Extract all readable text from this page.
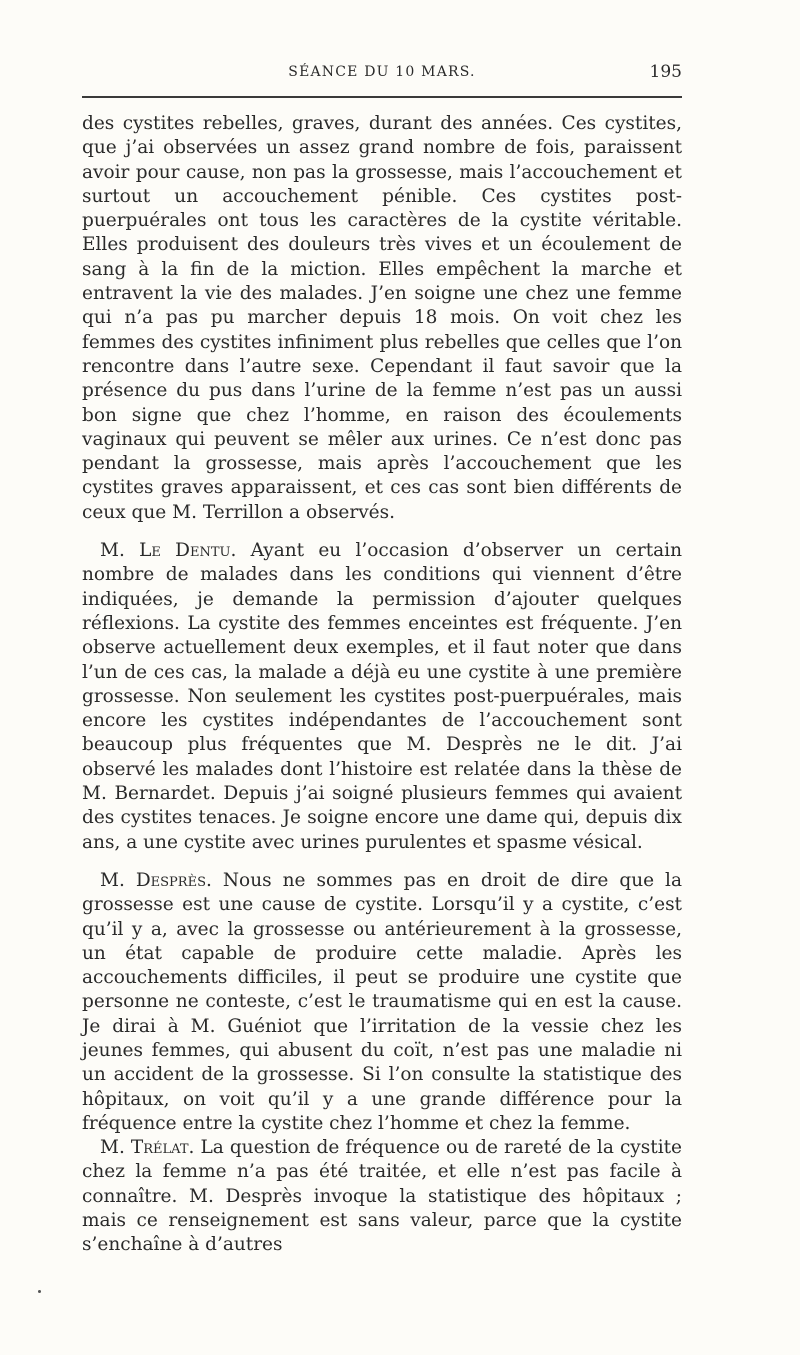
SÉANCE DU 10 MARS.	195

des cystites rebelles, graves, durant des années. Ces cystites, que j’ai observées un assez grand nombre de fois, paraissent avoir pour cause, non pas la grossesse, mais l’accouchement et surtout un accouchement pénible. Ces cystites post-puerpuérales ont tous les caractères de la cystite véritable. Elles produisent des douleurs très vives et un écoulement de sang à la fin de la miction. Elles empêchent la marche et entravent la vie des malades. J’en soigne une chez une femme qui n’a pas pu marcher depuis 18 mois. On voit chez les femmes des cystites infiniment plus rebelles que celles que l’on rencontre dans l’autre sexe. Cependant il faut savoir que la présence du pus dans l’urine de la femme n’est pas un aussi bon signe que chez l’homme, en raison des écoulements vaginaux qui peuvent se mêler aux urines. Ce n’est donc pas pendant la grossesse, mais après l’accouchement que les cystites graves apparaissent, et ces cas sont bien différents de ceux que M. Terrillon a observés.

M. Le Dentu. Ayant eu l’occasion d’observer un certain nombre de malades dans les conditions qui viennent d’être indiquées, je demande la permission d’ajouter quelques réflexions. La cystite des femmes enceintes est fréquente. J’en observe actuellement deux exemples, et il faut noter que dans l’un de ces cas, la malade a déjà eu une cystite à une première grossesse. Non seulement les cystites post-puerpuérales, mais encore les cystites indépendantes de l’accouchement sont beaucoup plus fréquentes que M. Desprès ne le dit. J’ai observé les malades dont l’histoire est relatée dans la thèse de M. Bernardet. Depuis j’ai soigné plusieurs femmes qui avaient des cystites tenaces. Je soigne encore une dame qui, depuis dix ans, a une cystite avec urines purulentes et spasme vésical.

M. Desprès. Nous ne sommes pas en droit de dire que la grossesse est une cause de cystite. Lorsqu’il y a cystite, c’est qu’il y a, avec la grossesse ou antérieurement à la grossesse, un état capable de produire cette maladie. Après les accouchements difficiles, il peut se produire une cystite que personne ne conteste, c’est le traumatisme qui en est la cause. Je dirai à M. Guéniot que l’irritation de la vessie chez les jeunes femmes, qui abusent du coït, n’est pas une maladie ni un accident de la grossesse. Si l’on consulte la statistique des hôpitaux, on voit qu’il y a une grande différence pour la fréquence entre la cystite chez l’homme et chez la femme.

M. Trélat. La question de fréquence ou de rareté de la cystite chez la femme n’a pas été traitée, et elle n’est pas facile à connaître. M. Desprès invoque la statistique des hôpitaux ; mais ce renseignement est sans valeur, parce que la cystite s’enchaîne à d’autres
